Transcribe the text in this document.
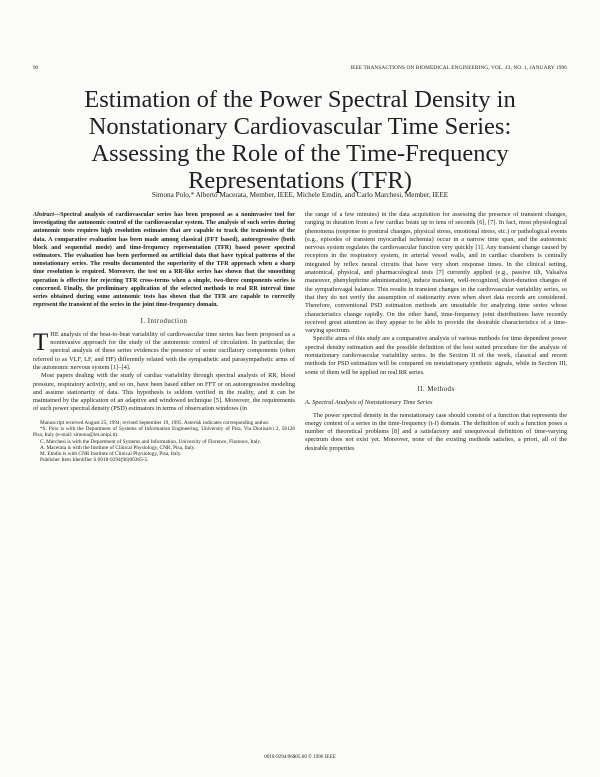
90	IEEE TRANSACTIONS ON BIOMEDICAL ENGINEERING, VOL. 43, NO. 1, JANUARY 1996
Estimation of the Power Spectral Density in Nonstationary Cardiovascular Time Series: Assessing the Role of the Time-Frequency Representations (TFR)
Simona Polo,* Alberto Macerata, Member, IEEE, Michele Emdin, and Carlo Marchesi, Member, IEEE

Abstract—Spectral analysis of cardiovascular series has been proposed as a noninvasive tool for investigating the autonomic control of the cardiovascular system. The analysis of such series during autonomic tests requires high resolution estimates that are capable to track the transients of the data. A comparative evaluation has been made among classical (FFT based), autoregressive (both block and sequential mode) and time-frequency representation (TFR) based power spectral estimators. The evaluation has been performed on artificial data that have typical patterns of the nonstationary series. The results documented the superiority of the TFR approach when a sharp time resolution is required. Moreover, the test on a RR-like series has shown that the smoothing operation is effective for rejecting TFR cross-terms when a simple, two-three components series is concerned. Finally, the preliminary application of the selected methods to real RR interval time series obtained during some autonomic tests has shown that the TFR are capable to correctly represent the transient of the series in the joint time-frequency domain.

I. Introduction

THE analysis of the beat-to-beat variability of cardiovascular time series has been proposed as a noninvasive approach for the study of the autonomic control of circulation. In particular, the spectral analysis of these series evidences the presence of some oscillatory components (often referred to as VLF, LF, and HF) differently related with the sympathetic and parasympathetic arms of the autonomic nervous system [1]–[4].

Most papers dealing with the study of cardiac variability through spectral analysis of RR, blood pressure, respiratory activity, and so on, have been based either on FFT or on autoregressive modeling and assume stationarity of data. This hypothesis is seldom verified in the reality, and it can be maintained by the application of an adaptive and windowed technique [5]. Moreover, the requirements of such power spectral density (PSD) estimators in terms of observation windows (in

Manuscript received August 25, 1994; revised September 19, 1995. Asterisk indicates corresponding author.

*S. Polo is with the Department of Systems of Information Engineering, University of Pisa, Via Diotisalvi 2, 56126 Pisa, Italy (e-mail: simona@iet.unipi.it).

C. Marchesi is with the Department of Systems and Information, University of Florence, Florence, Italy.

A. Macerata is with the Institute of Clinical Physiology, CNR, Pisa, Italy.

M. Emdin is with CNR Institute of Clinical Physiology, Pisa, Italy.

Publisher Item Identifier S 0018-9294(96)00365-5.

the range of a few minutes) in the data acquisition for assessing the presence of transient changes, ranging in duration from a few cardiac beats up to tens of seconds [6], [7]. In fact, most physiological phenomena (response to postural changes, physical stress, emotional stress, etc.) or pathological events (e.g., episodes of transient myocardial ischemia) occur in a narrow time span, and the autonomic nervous system regulates the cardiovascular function very quickly [1]. Any transient change caused by receptors in the respiratory system, in arterial vessel walls, and in cardiac chambers is centrally integrated by reflex neural circuits that have very short response times. In the clinical setting, anatomical, physical, and pharmacological tests [7] currently applied (e.g., passive tilt, Valsalva maneuver, phenylephrine administration), induce transient, well-recognized, short-duration changes of the sympathovagal balance. This results in transient changes in the cardiovascular variability series, so that they do not verify the assumption of stationarity even when short data records are considered. Therefore, conventional PSD estimation methods are unsuitable for analyzing time series whose characteristics change rapidly. On the other hand, time-frequency joint distributions have recently received great attention as they appear to be able to provide the desirable characteristics of a time-varying spectrum.

Specific aims of this study are a comparative analysis of various methods for time dependent power spectral density estimation and the possible definition of the best suited procedure for the analysis of nonstationary cardiovascular variability series. In the Section II of the work, classical and recent methods for PSD estimation will be compared on nonstationary synthetic signals, while in Section III, some of them will be applied on real RR series.

II. Methods
A. Spectral Analysis of Nonstationary Time Series

The power spectral density in the nonstationary case should consist of a function that represents the energy content of a series in the time-frequency (t-f) domain. The definition of such a function poses a number of theoretical problems [8] and a satisfactory and unequivocal definition of time-varying spectrum does not exist yet. Moreover, none of the existing methods satisfies, a priori, all of the desirable properties

0018-9294/96$05.00 © 1996 IEEE
